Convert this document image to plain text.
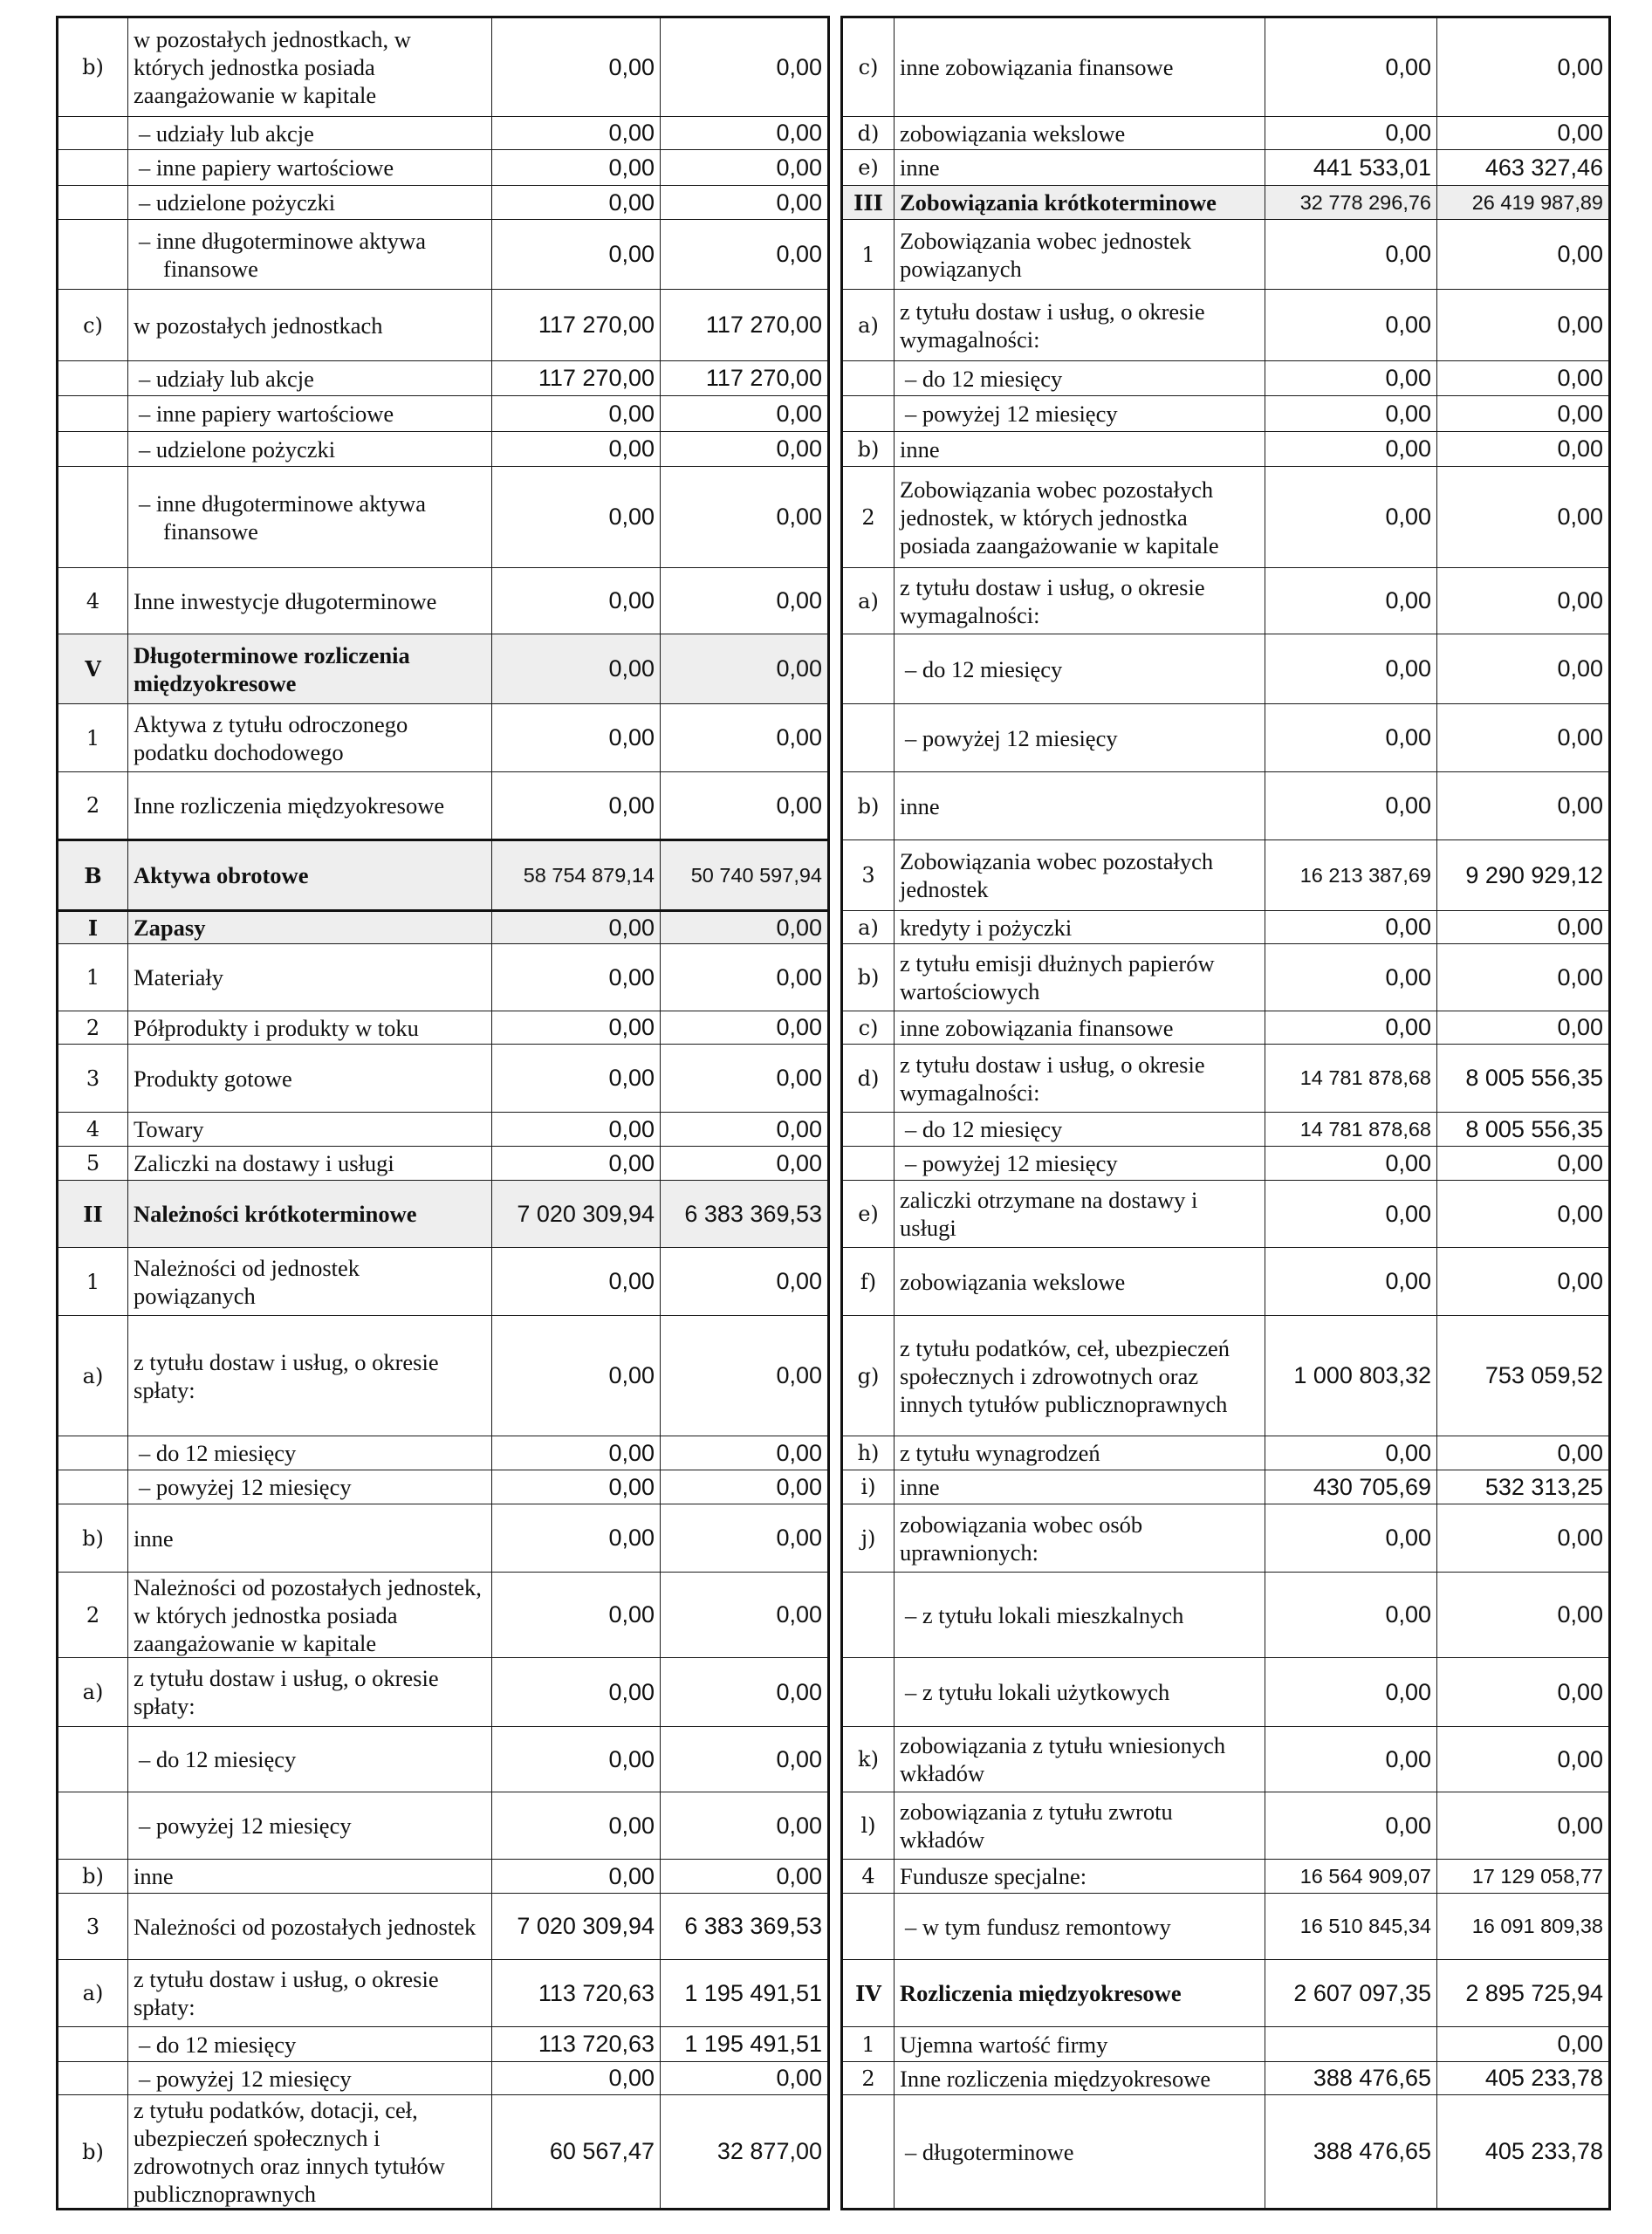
b)	w pozostałych jednostkach, w których jednostka posiada zaangażowanie w kapitale	0,00	0,00
	– udziały lub akcje	0,00	0,00
	– inne papiery wartościowe	0,00	0,00
	– udzielone pożyczki	0,00	0,00
	– inne długoterminowe aktywa finansowe	0,00	0,00
c)	w pozostałych jednostkach	117 270,00	117 270,00
	– udziały lub akcje	117 270,00	117 270,00
	– inne papiery wartościowe	0,00	0,00
	– udzielone pożyczki	0,00	0,00
	– inne długoterminowe aktywa finansowe	0,00	0,00
4	Inne inwestycje długoterminowe	0,00	0,00
V	Długoterminowe rozliczenia międzyokresowe	0,00	0,00
1	Aktywa z tytułu odroczonego podatku dochodowego	0,00	0,00
2	Inne rozliczenia międzyokresowe	0,00	0,00
B	Aktywa obrotowe	58 754 879,14	50 740 597,94
I	Zapasy	0,00	0,00
1	Materiały	0,00	0,00
2	Półprodukty i produkty w toku	0,00	0,00
3	Produkty gotowe	0,00	0,00
4	Towary	0,00	0,00
5	Zaliczki na dostawy i usługi	0,00	0,00
II	Należności krótkoterminowe	7 020 309,94	6 383 369,53
1	Należności od jednostek powiązanych	0,00	0,00
a)	z tytułu dostaw i usług, o okresie spłaty:	0,00	0,00
	– do 12 miesięcy	0,00	0,00
	– powyżej 12 miesięcy	0,00	0,00
b)	inne	0,00	0,00
2	Należności od pozostałych jednostek, w których jednostka posiada zaangażowanie w kapitale	0,00	0,00
a)	z tytułu dostaw i usług, o okresie spłaty:	0,00	0,00
	– do 12 miesięcy	0,00	0,00
	– powyżej 12 miesięcy	0,00	0,00
b)	inne	0,00	0,00
3	Należności od pozostałych jednostek	7 020 309,94	6 383 369,53
a)	z tytułu dostaw i usług, o okresie spłaty:	113 720,63	1 195 491,51
	– do 12 miesięcy	113 720,63	1 195 491,51
	– powyżej 12 miesięcy	0,00	0,00
b)	z tytułu podatków, dotacji, ceł, ubezpieczeń społecznych i zdrowotnych oraz innych tytułów publicznoprawnych	60 567,47	32 877,00
c)	inne zobowiązania finansowe	0,00	0,00
d)	zobowiązania wekslowe	0,00	0,00
e)	inne	441 533,01	463 327,46
III	Zobowiązania krótkoterminowe	32 778 296,76	26 419 987,89
1	Zobowiązania wobec jednostek powiązanych	0,00	0,00
a)	z tytułu dostaw i usług, o okresie wymagalności:	0,00	0,00
	– do 12 miesięcy	0,00	0,00
	– powyżej 12 miesięcy	0,00	0,00
b)	inne	0,00	0,00
2	Zobowiązania wobec pozostałych jednostek, w których jednostka posiada zaangażowanie w kapitale	0,00	0,00
a)	z tytułu dostaw i usług, o okresie wymagalności:	0,00	0,00
	– do 12 miesięcy	0,00	0,00
	– powyżej 12 miesięcy	0,00	0,00
b)	inne	0,00	0,00
3	Zobowiązania wobec pozostałych jednostek	16 213 387,69	9 290 929,12
a)	kredyty i pożyczki	0,00	0,00
b)	z tytułu emisji dłużnych papierów wartościowych	0,00	0,00
c)	inne zobowiązania finansowe	0,00	0,00
d)	z tytułu dostaw i usług, o okresie wymagalności:	14 781 878,68	8 005 556,35
	– do 12 miesięcy	14 781 878,68	8 005 556,35
	– powyżej 12 miesięcy	0,00	0,00
e)	zaliczki otrzymane na dostawy i usługi	0,00	0,00
f)	zobowiązania wekslowe	0,00	0,00
g)	z tytułu podatków, ceł, ubezpieczeń społecznych i zdrowotnych oraz innych tytułów publicznoprawnych	1 000 803,32	753 059,52
h)	z tytułu wynagrodzeń	0,00	0,00
i)	inne	430 705,69	532 313,25
j)	zobowiązania wobec osób uprawnionych:	0,00	0,00
	– z tytułu lokali mieszkalnych	0,00	0,00
	– z tytułu lokali użytkowych	0,00	0,00
k)	zobowiązania z tytułu wniesionych wkładów	0,00	0,00
l)	zobowiązania z tytułu zwrotu wkładów	0,00	0,00
4	Fundusze specjalne:	16 564 909,07	17 129 058,77
	– w tym fundusz remontowy	16 510 845,34	16 091 809,38
IV	Rozliczenia międzyokresowe	2 607 097,35	2 895 725,94
1	Ujemna wartość firmy		0,00
2	Inne rozliczenia międzyokresowe	388 476,65	405 233,78
	– długoterminowe	388 476,65	405 233,78
